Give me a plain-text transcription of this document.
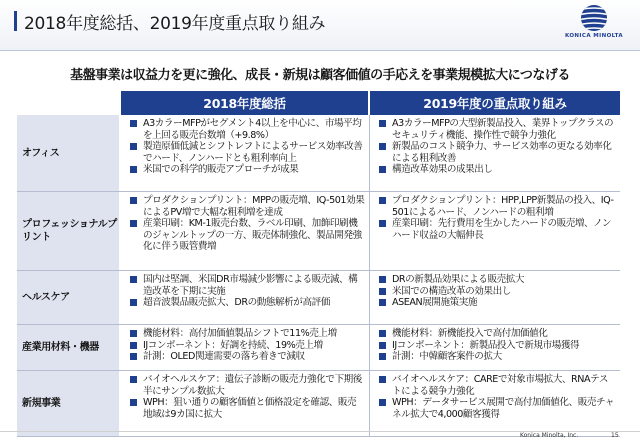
2018年度総括、2019年度重点取り組み
KONICA MINOLTA
基盤事業は収益力を更に強化、成長・新規は顧客価値の手応えを事業規模拡大につなげる
2018年度総括	2019年度の重点取り組み
オフィス
A3カラーMFPがセグメント4以上を中心に、市場平均を上回る販売台数増（+9.8%）
製造原価低減とシフトレフトによるサービス効率改善でハード、ノンハードとも粗利率向上
米国での科学的販売アプローチが成果
A3カラーMFPの大型新製品投入、業界トップクラスのセキュリティ機能、操作性で競争力強化
新製品のコスト競争力、サービス効率の更なる効率化による粗利改善
構造改革効果の成果出し
プロフェッショナルプリント
プロダクションプリント：MPPの販売増、IQ-501効果によるPV増で大幅な粗利増を達成
産業印刷：KM-1販売台数、ラベル印刷、加飾印刷機のジャンルトップの一方、販売体制強化、製品開発強化に伴う販管費増
プロダクションプリント：HPP,LPP新製品の投入、IQ-501によるハード、ノンハードの粗利増
産業印刷：先行費用を生かしたハードの販売増、ノンハード収益の大幅伸長
ヘルスケア
国内は堅調、米国DR市場減少影響による販売減、構造改革を下期に実施
超音波製品販売拡大、DRの動態解析が高評価
DRの新製品効果による販売拡大
米国での構造改革の効果出し
ASEAN展開施策実施
産業用材料・機器
機能材料：高付加価値製品シフトで11%売上増
IJコンポーネント：好調を持続、19%売上増
計測：OLED関連需要の落ち着きで減収
機能材料：新機能投入で高付加価値化
IJコンポーネント：新製品投入で新規市場獲得
計測：中韓顧客案件の拡大
新規事業
バイオヘルスケア：遺伝子診断の販売力強化で下期後半にサンプル数拡大
WPH：狙い通りの顧客価値と価格設定を確認、販売地域は9カ国に拡大
バイオヘルスケア：CAREで対象市場拡大、RNAテストによる競争力強化
WPH：データサービス展開で高付加価値化、販売チャネル拡大で4,000顧客獲得
Konica Minolta, Inc.	15
